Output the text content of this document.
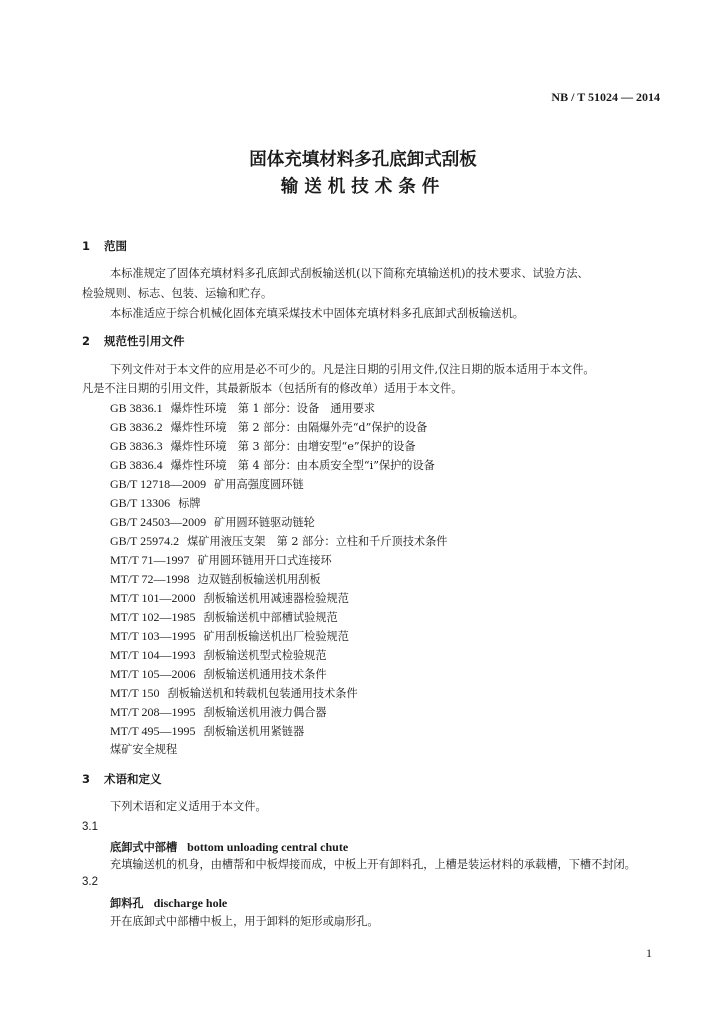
NB / T 51024 — 2014
固体充填材料多孔底卸式刮板
输送机技术条件
1 范围
本标准规定了固体充填材料多孔底卸式刮板输送机(以下简称充填输送机)的技术要求、试验方法、
检验规则、标志、包装、运输和贮存。
本标准适应于综合机械化固体充填采煤技术中固体充填材料多孔底卸式刮板输送机。
2 规范性引用文件
下列文件对于本文件的应用是必不可少的。凡是注日期的引用文件,仅注日期的版本适用于本文件。
凡是不注日期的引用文件，其最新版本（包括所有的修改单）适用于本文件。
GB 3836.1 爆炸性环境　第 1 部分：设备　通用要求
GB 3836.2 爆炸性环境　第 2 部分：由隔爆外壳“d”保护的设备
GB 3836.3 爆炸性环境　第 3 部分：由增安型“e”保护的设备
GB 3836.4 爆炸性环境　第 4 部分：由本质安全型“i”保护的设备
GB/T 12718—2009 矿用高强度圆环链
GB/T 13306 标牌
GB/T 24503—2009 矿用圆环链驱动链轮
GB/T 25974.2 煤矿用液压支架　第 2 部分：立柱和千斤顶技术条件
MT/T 71—1997 矿用圆环链用开口式连接环
MT/T 72—1998 边双链刮板输送机用刮板
MT/T 101—2000 刮板输送机用减速器检验规范
MT/T 102—1985 刮板输送机中部槽试验规范
MT/T 103—1995 矿用刮板输送机出厂检验规范
MT/T 104—1993 刮板输送机型式检验规范
MT/T 105—2006 刮板输送机通用技术条件
MT/T 150 刮板输送机和转载机包装通用技术条件
MT/T 208—1995 刮板输送机用液力偶合器
MT/T 495—1995 刮板输送机用紧链器
煤矿安全规程
3 术语和定义
下列术语和定义适用于本文件。
3.1
底卸式中部槽 bottom unloading central chute
充填输送机的机身，由槽帮和中板焊接而成，中板上开有卸料孔，上槽是装运材料的承载槽，下槽不封闭。
3.2
卸料孔 discharge hole
开在底卸式中部槽中板上，用于卸料的矩形或扇形孔。
1
